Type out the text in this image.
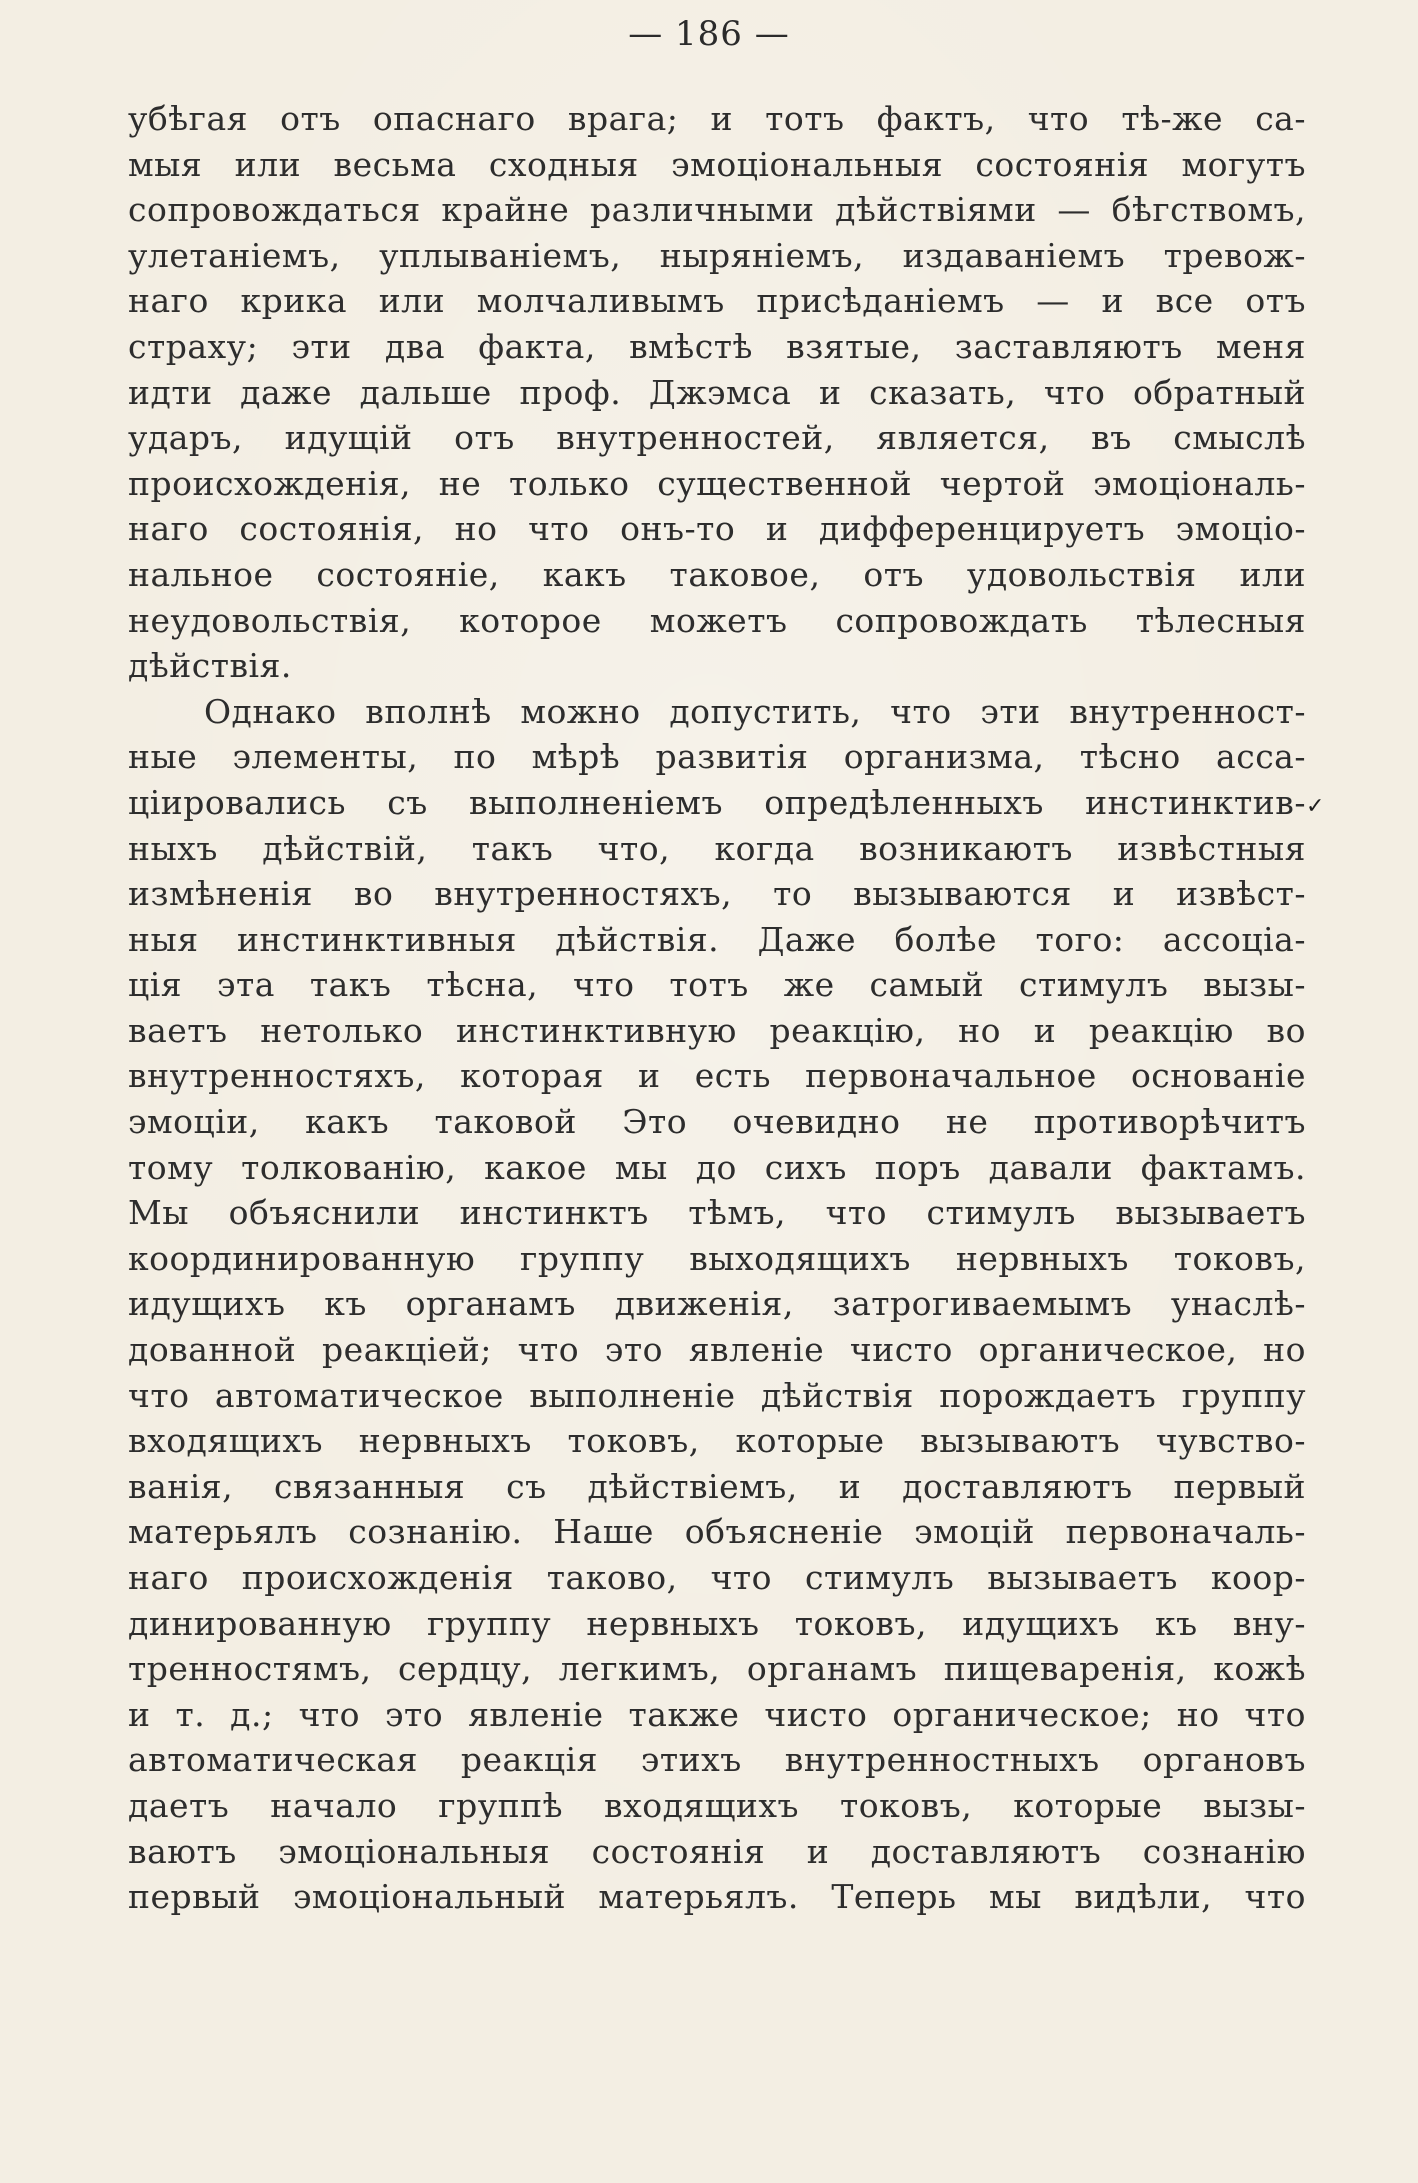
— 186 —
убѣгая отъ опаснаго врага; и тотъ фактъ, что тѣ-же са-
мыя или весьма сходныя эмоціональныя состоянія могутъ
сопровождаться крайне различными дѣйствіями — бѣгствомъ,
улетаніемъ, уплываніемъ, ныряніемъ, издаваніемъ тревож-
наго крика или молчаливымъ присѣданіемъ — и все отъ
страху; эти два факта, вмѣстѣ взятые, заставляютъ меня
идти даже дальше проф. Джэмса и сказать, что обратный
ударъ, идущій отъ внутренностей, является, въ смыслѣ
происхожденія, не только существенной чертой эмоціональ-
наго состоянія, но что онъ-то и дифференцируетъ эмоціо-
нальное состояніе, какъ таковое, отъ удовольствія или
неудовольствія, которое можетъ сопровождать тѣлесныя
дѣйствія.
Однако вполнѣ можно допустить, что эти внутренност-
ные элементы, по мѣрѣ развитія организма, тѣсно асса-
ціировались съ выполненіемъ опредѣленныхъ инстинктив-
ныхъ дѣйствій, такъ что, когда возникаютъ извѣстныя
измѣненія во внутренностяхъ, то вызываются и извѣст-
ныя инстинктивныя дѣйствія. Даже болѣе того: ассоціа-
ція эта такъ тѣсна, что тотъ же самый стимулъ вызы-
ваетъ нетолько инстинктивную реакцію, но и реакцію во
внутренностяхъ, которая и есть первоначальное основаніе
эмоціи, какъ таковой Это очевидно не противорѣчитъ
тому толкованію, какое мы до сихъ поръ давали фактамъ.
Мы объяснили инстинктъ тѣмъ, что стимулъ вызываетъ
координированную группу выходящихъ нервныхъ токовъ,
идущихъ къ органамъ движенія, затрогиваемымъ унаслѣ-
дованной реакціей; что это явленіе чисто органическое, но
что автоматическое выполненіе дѣйствія порождаетъ группу
входящихъ нервныхъ токовъ, которые вызываютъ чувство-
ванія, связанныя съ дѣйствіемъ, и доставляютъ первый
матерьялъ сознанію. Наше объясненіе эмоцій первоначаль-
наго происхожденія таково, что стимулъ вызываетъ коор-
динированную группу нервныхъ токовъ, идущихъ къ вну-
тренностямъ, сердцу, легкимъ, органамъ пищеваренія, кожѣ
и т. д.; что это явленіе также чисто органическое; но что
автоматическая реакція этихъ внутренностныхъ органовъ
даетъ начало группѣ входящихъ токовъ, которые вызы-
ваютъ эмоціональныя состоянія и доставляютъ сознанію
первый эмоціональный матерьялъ. Теперь мы видѣли, что
✓
